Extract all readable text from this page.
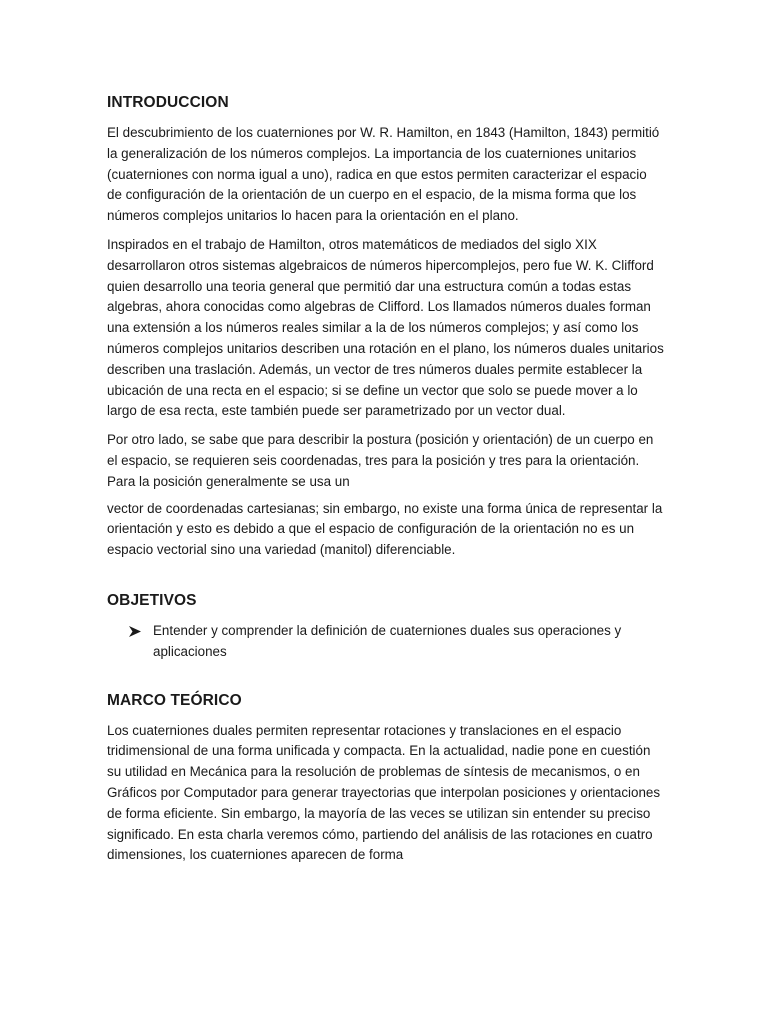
INTRODUCCION

El descubrimiento de los cuaterniones por W. R. Hamilton, en 1843 (Hamilton, 1843) permitió la generalización de los números complejos. La importancia de los cuaterniones unitarios (cuaterniones con norma igual a uno), radica en que estos permiten caracterizar el espacio de configuración de la orientación de un cuerpo en el espacio, de la misma forma que los números complejos unitarios lo hacen para la orientación en el plano.

Inspirados en el trabajo de Hamilton, otros matemáticos de mediados del siglo XIX desarrollaron otros sistemas algebraicos de números hipercomplejos, pero fue W. K. Clifford quien desarrollo una teoria general que permitió dar una estructura común a todas estas algebras, ahora conocidas como algebras de Clifford. Los llamados números duales forman una extensión a los números reales similar a la de los números complejos; y así como los números complejos unitarios describen una rotación en el plano, los números duales unitarios describen una traslación. Además, un vector de tres números duales permite establecer la ubicación de una recta en el espacio; si se define un vector que solo se puede mover a lo largo de esa recta, este también puede ser parametrizado por un vector dual.

Por otro lado, se sabe que para describir la postura (posición y orientación) de un cuerpo en el espacio, se requieren seis coordenadas, tres para la posición y tres para la orientación. Para la posición generalmente se usa un

vector de coordenadas cartesianas; sin embargo, no existe una forma única de representar la orientación y esto es debido a que el espacio de configuración de la orientación no es un espacio vectorial sino una variedad (manitol) diferenciable.

OBJETIVOS
Entender y comprender la definición de cuaterniones duales sus operaciones y aplicaciones
MARCO TEÓRICO

Los cuaterniones duales permiten representar rotaciones y translaciones en el espacio tridimensional de una forma unificada y compacta. En la actualidad, nadie pone en cuestión su utilidad en Mecánica para la resolución de problemas de síntesis de mecanismos, o en Gráficos por Computador para generar trayectorias que interpolan posiciones y orientaciones de forma eficiente. Sin embargo, la mayoría de las veces se utilizan sin entender su preciso significado. En esta charla veremos cómo, partiendo del análisis de las rotaciones en cuatro dimensiones, los cuaterniones aparecen de forma
